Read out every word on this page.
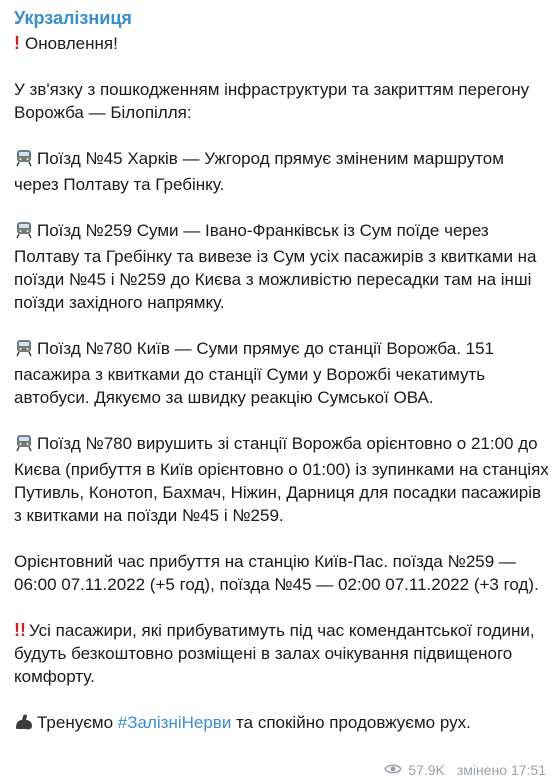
Укрзалізниця
! Оновлення!
У зв'язку з пошкодженням інфраструктури та закриттям перегону Ворожба — Білопілля:
Поїзд №45 Харків — Ужгород прямує зміненим маршрутом через Полтаву та Гребінку.
Поїзд №259 Суми — Івано-Франківськ із Сум поїде через Полтаву та Гребінку та вивезе із Сум усіх пасажирів з квитками на поїзди №45 і №259 до Києва з можливістю пересадки там на інші поїзди західного напрямку.
Поїзд №780 Київ — Суми прямує до станції Ворожба. 151 пасажира з квитками до станції Суми у Ворожбі чекатимуть автобуси. Дякуємо за швидку реакцію Сумської ОВА.
Поїзд №780 вирушить зі станції Ворожба орієнтовно о 21:00 до Києва (прибуття в Київ орієнтовно о 01:00) із зупинками на станціях Путивль, Конотоп, Бахмач, Ніжин, Дарниця для посадки пасажирів з квитками на поїзди №45 і №259.
Орієнтовний час прибуття на станцію Київ-Пас. поїзда №259 — 06:00 07.11.2022 (+5 год), поїзда №45 — 02:00 07.11.2022 (+3 год).
!! Усі пасажири, які прибуватимуть під час комендантської години, будуть безкоштовно розміщені в залах очікування підвищеного комфорту.
Тренуємо #ЗалізніНерви та спокійно продовжуємо рух.
57.9K змінено 17:51
